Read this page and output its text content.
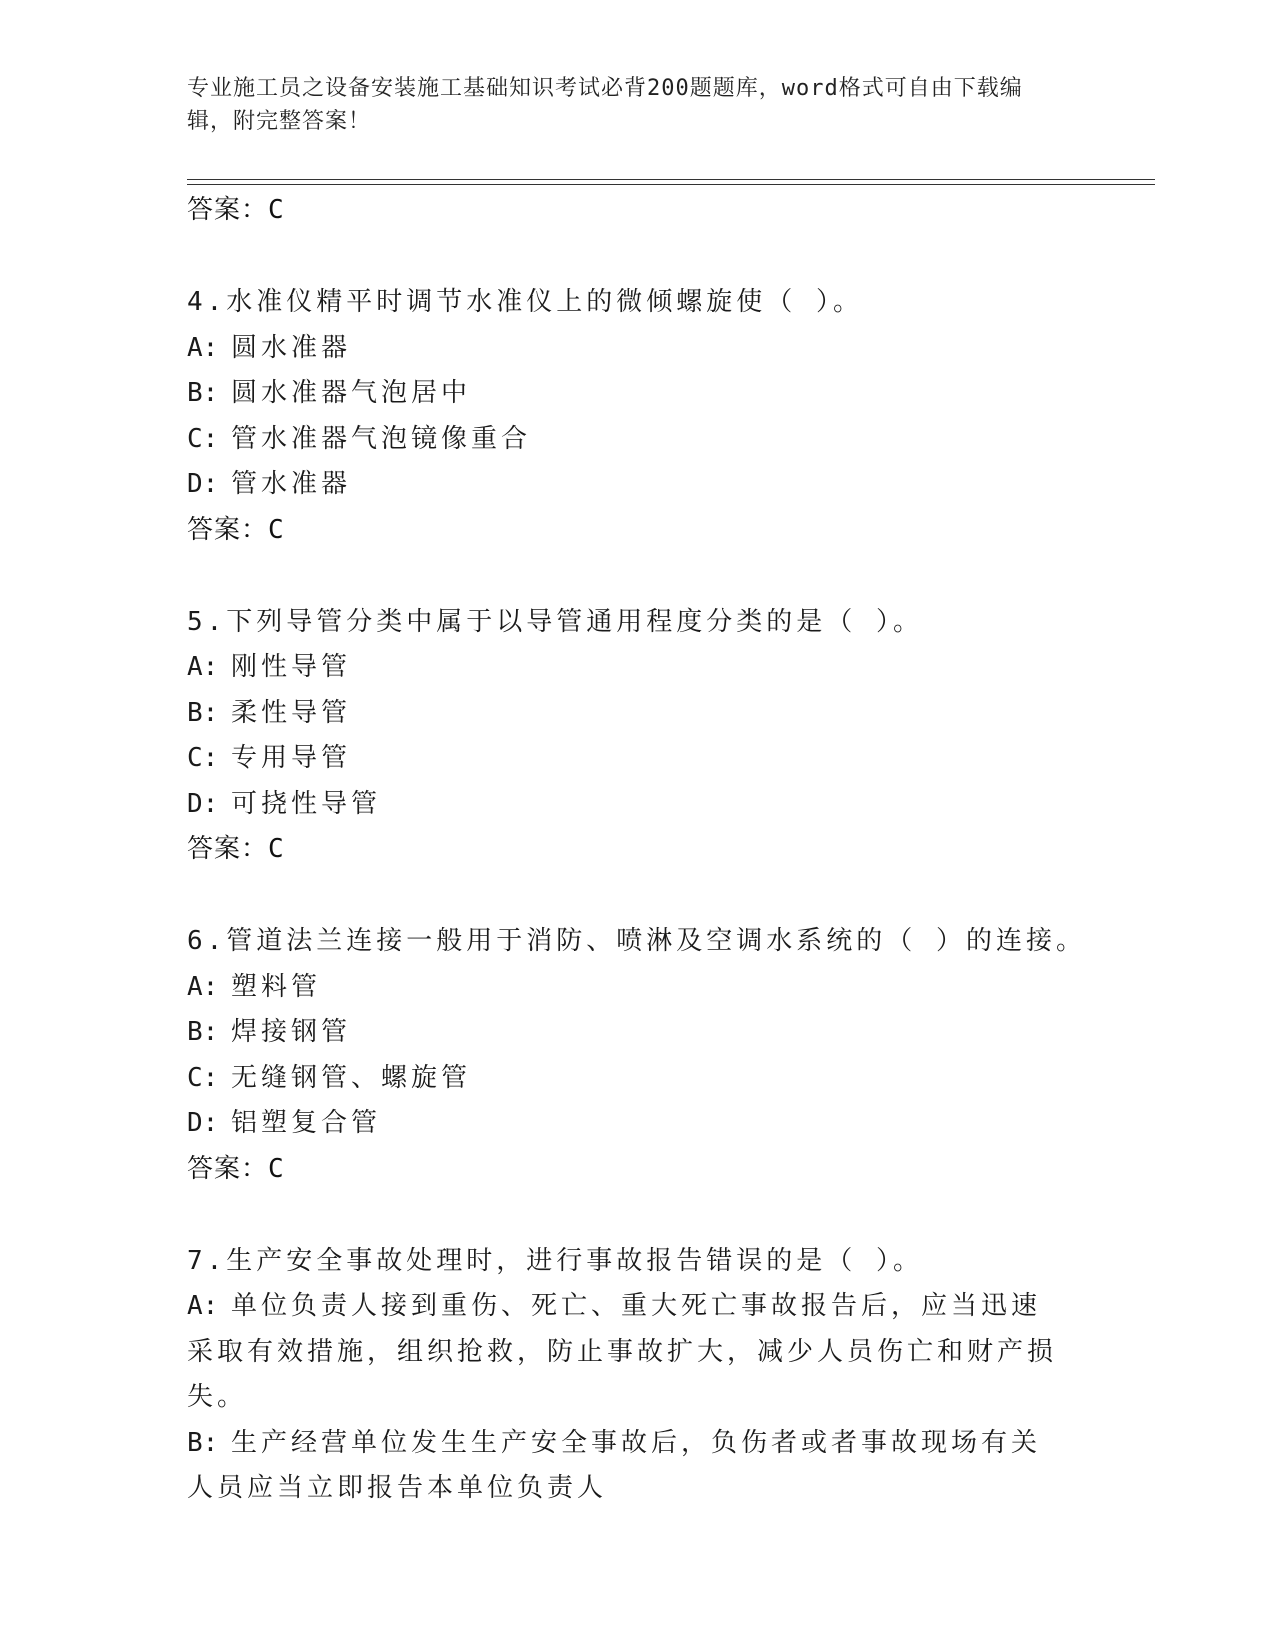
专业施工员之设备安装施工基础知识考试必背200题题库，word格式可自由下载编辑，附完整答案！
答案：C
4.水准仪精平时调节水准仪上的微倾螺旋使（ ）。
A: 圆水准器
B: 圆水准器气泡居中
C: 管水准器气泡镜像重合
D: 管水准器
答案：C
5.下列导管分类中属于以导管通用程度分类的是（ ）。
A: 刚性导管
B: 柔性导管
C: 专用导管
D: 可挠性导管
答案：C
6.管道法兰连接一般用于消防、喷淋及空调水系统的（ ）的连接。
A: 塑料管
B: 焊接钢管
C: 无缝钢管、螺旋管
D: 铝塑复合管
答案：C
7.生产安全事故处理时，进行事故报告错误的是（ ）。
A: 单位负责人接到重伤、死亡、重大死亡事故报告后，应当迅速采取有效措施，组织抢救，防止事故扩大，减少人员伤亡和财产损失。
B: 生产经营单位发生生产安全事故后，负伤者或者事故现场有关人员应当立即报告本单位负责人
